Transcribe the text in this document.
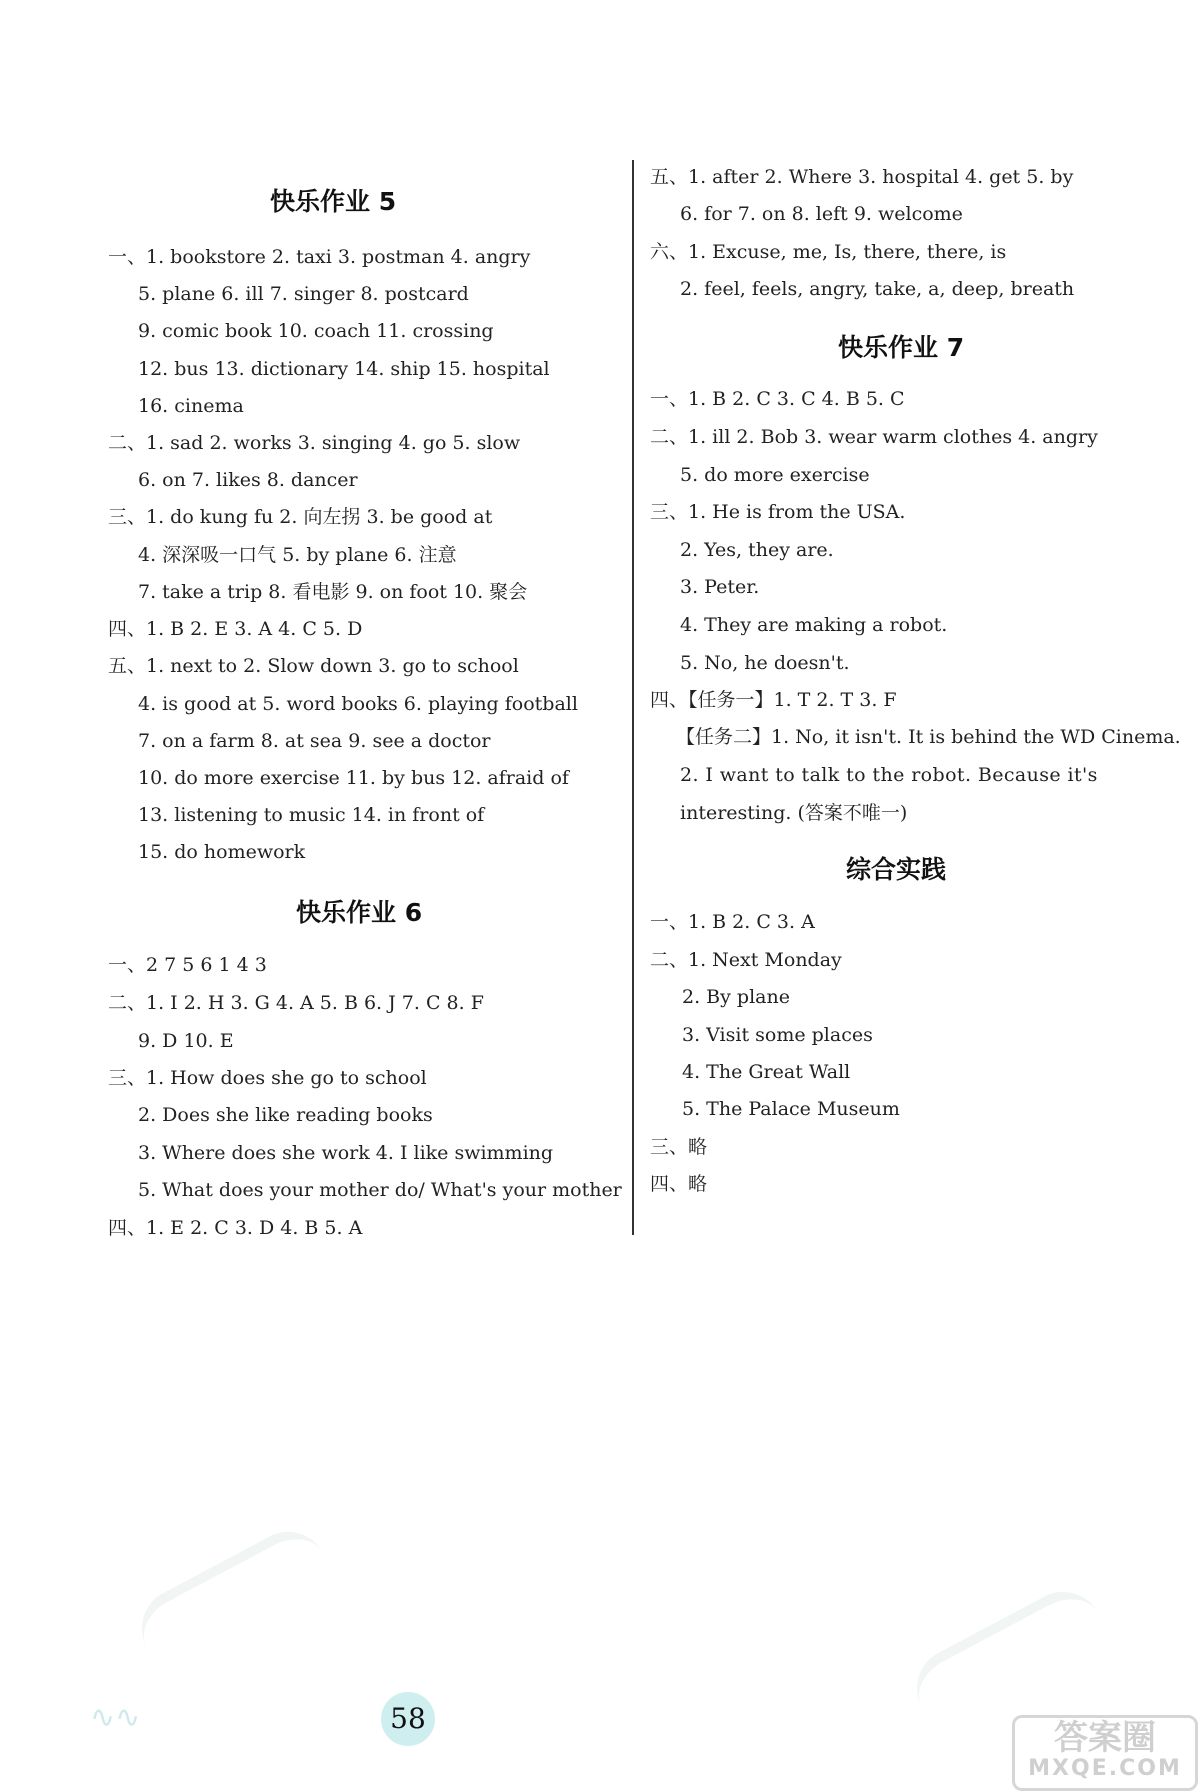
快乐作业 5
一、1. bookstore 2. taxi 3. postman 4. angry
5. plane 6. ill 7. singer 8. postcard
9. comic book 10. coach 11. crossing
12. bus 13. dictionary 14. ship 15. hospital
16. cinema
二、1. sad 2. works 3. singing 4. go 5. slow
6. on 7. likes 8. dancer
三、1. do kung fu 2. 向左拐 3. be good at
4. 深深吸一口气 5. by plane 6. 注意
7. take a trip 8. 看电影 9. on foot 10. 聚会
四、1. B 2. E 3. A 4. C 5. D
五、1. next to 2. Slow down 3. go to school
4. is good at 5. word books 6. playing football
7. on a farm 8. at sea 9. see a doctor
10. do more exercise 11. by bus 12. afraid of
13. listening to music 14. in front of
15. do homework
快乐作业 6
一、2 7 5 6 1 4 3
二、1. I 2. H 3. G 4. A 5. B 6. J 7. C 8. F
9. D 10. E
三、1. How does she go to school
2. Does she like reading books
3. Where does she work 4. I like swimming
5. What does your mother do/ What's your mother
四、1. E 2. C 3. D 4. B 5. A
五、1. after 2. Where 3. hospital 4. get 5. by
6. for 7. on 8. left 9. welcome
六、1. Excuse, me, Is, there, there, is
2. feel, feels, angry, take, a, deep, breath
快乐作业 7
一、1. B 2. C 3. C 4. B 5. C
二、1. ill 2. Bob 3. wear warm clothes 4. angry
5. do more exercise
三、1. He is from the USA.
2. Yes, they are.
3. Peter.
4. They are making a robot.
5. No, he doesn't.
四、【任务一】1. T 2. T 3. F
【任务二】1. No, it isn't. It is behind the WD Cinema.
2. I want to talk to the robot. Because it's
interesting. (答案不唯一)
综合实践
一、1. B 2. C 3. A
二、1. Next Monday
2. By plane
3. Visit some places
4. The Great Wall
5. The Palace Museum
三、略
四、略
∿∿	58	答案圈
MXQE.COM
